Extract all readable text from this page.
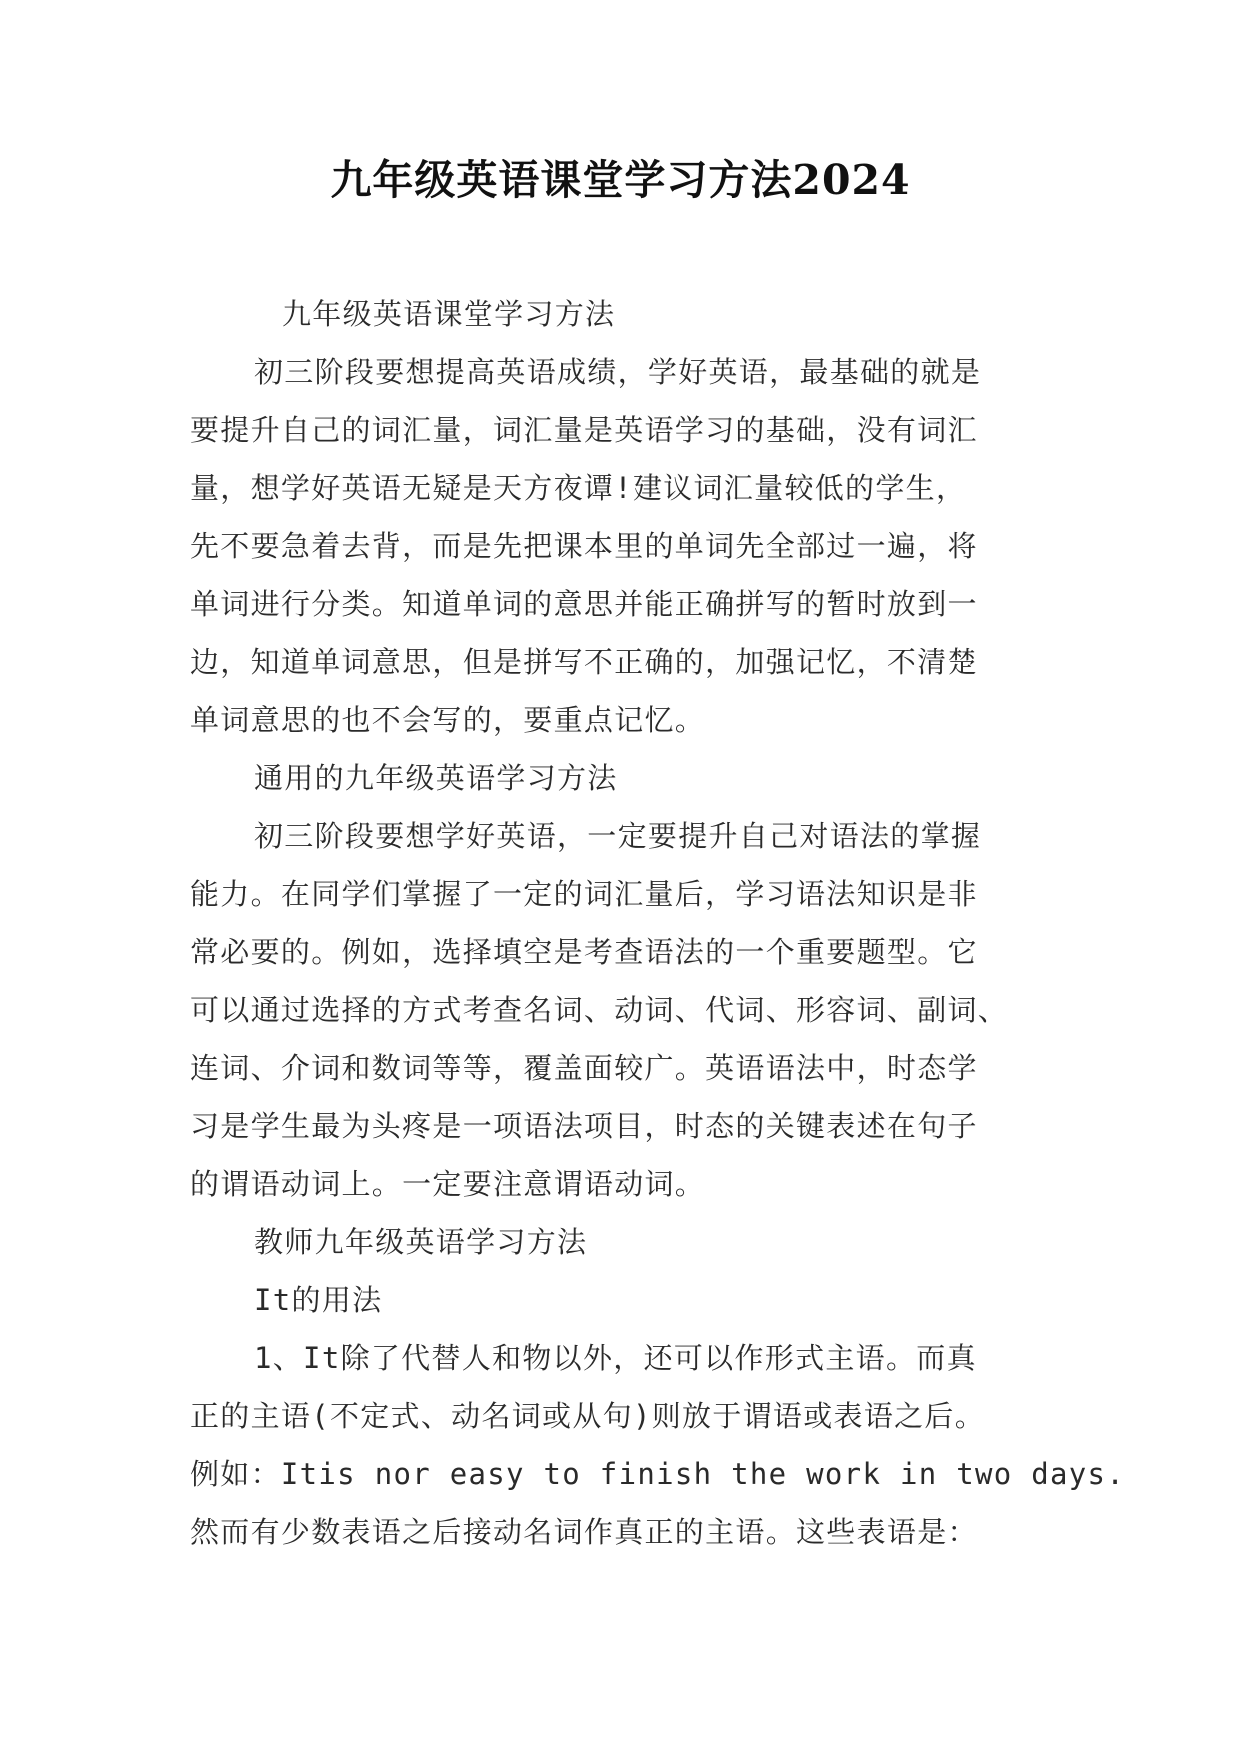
九年级英语课堂学习方法2024
九年级英语课堂学习方法
初三阶段要想提高英语成绩，学好英语，最基础的就是
要提升自己的词汇量，词汇量是英语学习的基础，没有词汇
量，想学好英语无疑是天方夜谭!建议词汇量较低的学生，
先不要急着去背，而是先把课本里的单词先全部过一遍，将
单词进行分类。知道单词的意思并能正确拼写的暂时放到一
边，知道单词意思，但是拼写不正确的，加强记忆，不清楚
单词意思的也不会写的，要重点记忆。
通用的九年级英语学习方法
初三阶段要想学好英语，一定要提升自己对语法的掌握
能力。在同学们掌握了一定的词汇量后，学习语法知识是非
常必要的。例如，选择填空是考查语法的一个重要题型。它
可以通过选择的方式考查名词、动词、代词、形容词、副词、
连词、介词和数词等等，覆盖面较广。英语语法中，时态学
习是学生最为头疼是一项语法项目，时态的关键表述在句子
的谓语动词上。一定要注意谓语动词。
教师九年级英语学习方法
It的用法
1、It除了代替人和物以外，还可以作形式主语。而真
正的主语(不定式、动名词或从句)则放于谓语或表语之后。
例如：Itis nor easy to finish the work in two days.
然而有少数表语之后接动名词作真正的主语。这些表语是：
